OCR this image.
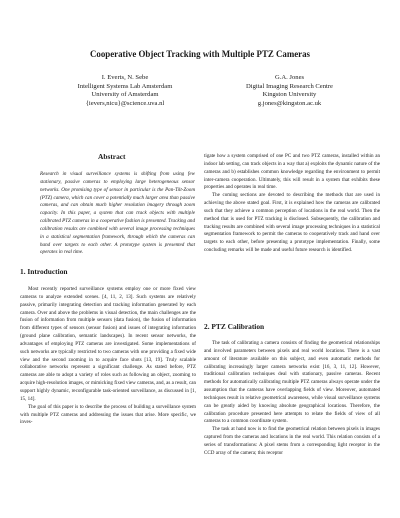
Cooperative Object Tracking with Multiple PTZ Cameras
I. Everts, N. Sebe
Intelligent Systems Lab Amsterdam
University of Amsterdam
{ievers,nicu}@science.uva.nl
G.A. Jones
Digital Imaging Research Centre
Kingston University
g.jones@kingston.ac.uk
Abstract

Research in visual surveillance systems is shifting from using few stationary, passive cameras to employing large heterogeneous sensor networks. One promising type of sensor in particular is the Pan-Tilt-Zoom (PTZ) camera, which can cover a potentially much larger area than passive cameras, and can obtain much higher resolution imagery through zoom capacity. In this paper, a system that can track objects with multiple calibrated PTZ cameras in a cooperative fashion is presented. Tracking and calibration results are combined with several image processing techniques in a statistical segmentation framework, through which the cameras can hand over targets to each other. A prototype system is presented that operates in real time.

1. Introduction

Most recently reported surveillance systems employ one or more fixed view cameras to analyze extended scenes. [4, 11, 2, 13]. Such systems are relatively passive, primarily integrating detection and tracking information generated by each camera. Over and above the problems in visual detection, the main challenges are the fusion of information from multiple sensors (data fusion), the fusion of information from different types of sensors (sensor fusion) and issues of integrating information (ground plane calibration, semantic landscapes). In recent sensor networks, the advantages of employing PTZ cameras are investigated. Some implementations of such networks are typically restricted to two cameras with one providing a fixed wide view and the second zooming in to acquire face shots [13, 19]. Truly scalable collaborative networks represent a significant challenge. As stated before, PTZ cameras are able to adopt a variety of roles such as following an object, zooming to acquire high-resolution images, or mimicking fixed view cameras, and, as a result, can support highly dynamic, reconfigurable task-oriented surveillance, as discussed in [1, 15, 14].

The goal of this paper is to describe the process of building a surveillance system with multiple PTZ cameras and addressing the issues that arise. More specific, we inves-

tigate how a system comprised of one PC and two PTZ cameras, installed within an indoor lab setting, can track objects in a way that a) exploits the dynamic nature of the cameras and b) establishes common knowledge regarding the environment to permit inter-camera cooperation. Ultimately, this will result in a system that exhibits these properties and operates in real time.

The coming sections are devoted to describing the methods that are used in achieving the above stated goal. First, it is explained how the cameras are calibrated such that they achieve a common perception of locations in the real world. Then the method that is used for PTZ tracking is disclosed. Subsequently, the calibration and tracking results are combined with several image processing techniques in a statistical segmentation framework to permit the cameras to cooperatively track and hand over targets to each other, before presenting a prototype implementation. Finally, some concluding remarks will be made and useful future research is identified.

2. PTZ Calibration

The task of calibrating a camera consists of finding the geometrical relationships and involved parameters between pixels and real world locations. There is a vast amount of literature available on this subject, and even automatic methods for calibrating increasingly larger camera networks exist [16, 3, 11, 12]. However, traditional calibration techniques deal with stationary, passive cameras. Recent methods for automatically calibrating multiple PTZ cameras always operate under the assumption that the cameras have overlapping fields of view. Moreover, automated techniques result in relative geometrical awareness, while visual surveillance systems can be greatly aided by knowing absolute geographical locations. Therefore, the calibration procedure presented here attempts to relate the fields of view of all cameras to a common coordinate system.

The task at hand now is to find the geometrical relation between pixels in images captured from the cameras and locations in the real world. This relation consists of a series of transformations: A pixel stems from a corresponding light receptor in the CCD array of the camera; this receptor
